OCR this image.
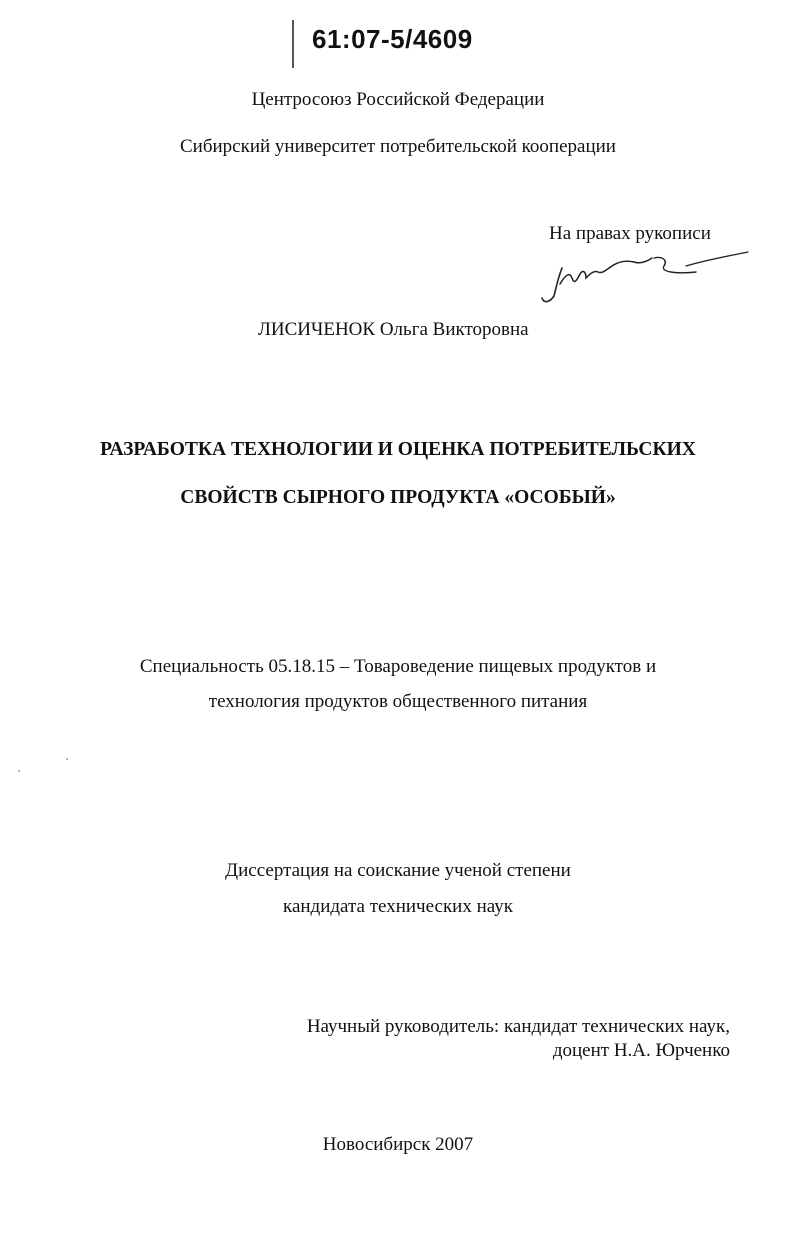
61:07-5/4609
Центросоюз Российской Федерации
Сибирский университет потребительской кооперации
На правах рукописи
ЛИСИЧЕНОК Ольга Викторовна
РАЗРАБОТКА ТЕХНОЛОГИИ И ОЦЕНКА ПОТРЕБИТЕЛЬСКИХ
СВОЙСТВ СЫРНОГО ПРОДУКТА «ОСОБЫЙ»
Специальность 05.18.15 – Товароведение пищевых продуктов и
технология продуктов общественного питания
Диссертация на соискание ученой степени
кандидата технических наук
Научный руководитель: кандидат технических наук,
доцент Н.А. Юрченко
Новосибирск 2007
